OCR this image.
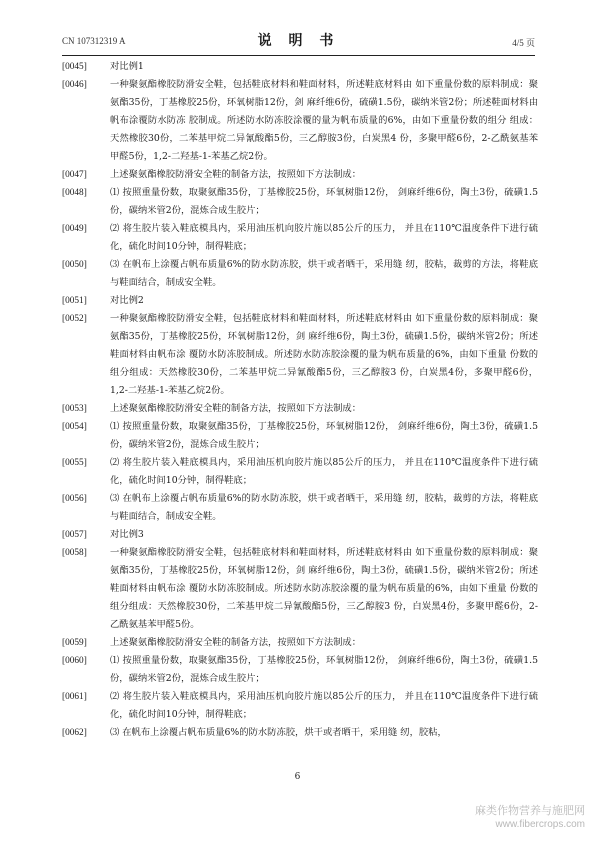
CN 107312319 A	说 明 书	4/5 页
[0045]	对比例1
[0046]	一种聚氨酯橡胶防滑安全鞋，包括鞋底材料和鞋面材料，所述鞋底材料由 如下重量份数的原料制成：聚氨酯35份，丁基橡胶25份，环氧树脂12份，剑 麻纤维6份，硫磺1.5份，碳纳米管2份；所述鞋面材料由帆布涂覆防水防冻 胶制成。所述防水防冻胶涂覆的量为帆布质量的6%，由如下重量份数的组分 组成：天然橡胶30份，二苯基甲烷二异氰酸酯5份，三乙醇胺3份，白炭黑4 份，多聚甲醛6份，2-乙酰氨基苯甲醛5份，1,2-二羟基-1-苯基乙烷2份。
[0047]	上述聚氨酯橡胶防滑安全鞋的制备方法，按照如下方法制成：
[0048]	⑴ 按照重量份数，取聚氨酯35份，丁基橡胶25份，环氧树脂12份， 剑麻纤维6份，陶土3份，硫磺1.5份，碳纳米管2份，混炼合成生胶片；
[0049]	⑵ 将生胶片装入鞋底模具内，采用油压机向胶片施以85公斤的压力， 并且在110℃温度条件下进行硫化，硫化时间10分钟，制得鞋底；
[0050]	⑶ 在帆布上涂覆占帆布质量6%的防水防冻胶，烘干或者晒干，采用缝 纫，胶粘，裁剪的方法，将鞋底与鞋面结合，制成安全鞋。
[0051]	对比例2
[0052]	一种聚氨酯橡胶防滑安全鞋，包括鞋底材料和鞋面材料，所述鞋底材料由 如下重量份数的原料制成：聚氨酯35份，丁基橡胶25份，环氧树脂12份，剑 麻纤维6份，陶土3份，硫磺1.5份，碳纳米管2份；所述鞋面材料由帆布涂 覆防水防冻胶制成。所述防水防冻胶涂覆的量为帆布质量的6%，由如下重量 份数的组分组成：天然橡胶30份，二苯基甲烷二异氰酸酯5份，三乙醇胺3 份，白炭黑4份，多聚甲醛6份，1,2-二羟基-1-苯基乙烷2份。
[0053]	上述聚氨酯橡胶防滑安全鞋的制备方法，按照如下方法制成：
[0054]	⑴ 按照重量份数，取聚氨酯35份，丁基橡胶25份，环氧树脂12份， 剑麻纤维6份，陶土3份，硫磺1.5份，碳纳米管2份，混炼合成生胶片；
[0055]	⑵ 将生胶片装入鞋底模具内，采用油压机向胶片施以85公斤的压力， 并且在110℃温度条件下进行硫化，硫化时间10分钟，制得鞋底；
[0056]	⑶ 在帆布上涂覆占帆布质量6%的防水防冻胶，烘干或者晒干，采用缝 纫，胶粘，裁剪的方法，将鞋底与鞋面结合，制成安全鞋。
[0057]	对比例3
[0058]	一种聚氨酯橡胶防滑安全鞋，包括鞋底材料和鞋面材料，所述鞋底材料由 如下重量份数的原料制成：聚氨酯35份，丁基橡胶25份，环氧树脂12份，剑 麻纤维6份，陶土3份，硫磺1.5份，碳纳米管2份；所述鞋面材料由帆布涂 覆防水防冻胶制成。所述防水防冻胶涂覆的量为帆布质量的6%，由如下重量 份数的组分组成：天然橡胶30份，二苯基甲烷二异氰酸酯5份，三乙醇胺3 份，白炭黑4份，多聚甲醛6份，2-乙酰氨基苯甲醛5份。
[0059]	上述聚氨酯橡胶防滑安全鞋的制备方法，按照如下方法制成：
[0060]	⑴ 按照重量份数，取聚氨酯35份，丁基橡胶25份，环氧树脂12份， 剑麻纤维6份，陶土3份，硫磺1.5份，碳纳米管2份，混炼合成生胶片；
[0061]	⑵ 将生胶片装入鞋底模具内，采用油压机向胶片施以85公斤的压力， 并且在110℃温度条件下进行硫化，硫化时间10分钟，制得鞋底；
[0062]	⑶ 在帆布上涂覆占帆布质量6%的防水防冻胶，烘干或者晒干，采用缝 纫，胶粘，
6
麻类作物营养与施肥网
www.fibercrops.com
